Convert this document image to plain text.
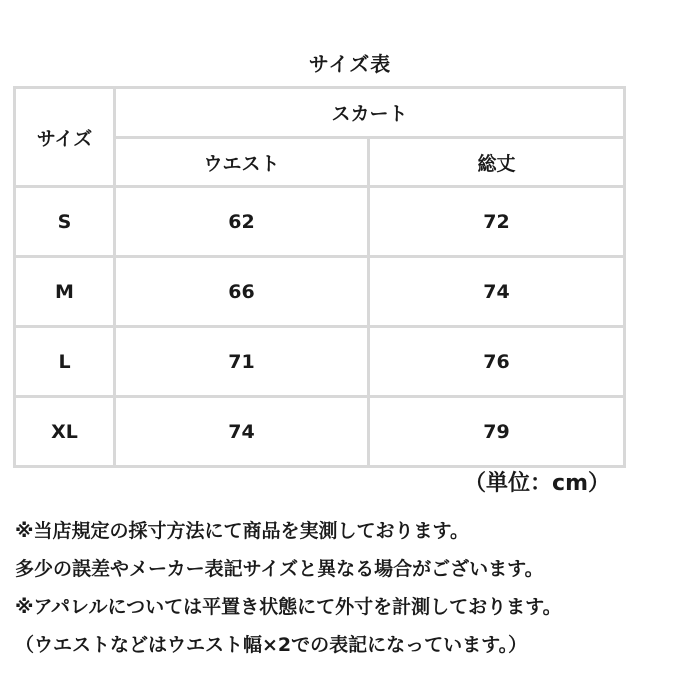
サイズ表
サイズ	スカート	
	ウエスト	総丈
S	62	72
M	66	74
L	71	76
XL	74	79
（単位：cm）
※当店規定の採寸方法にて商品を実測しております。
多少の誤差やメーカー表記サイズと異なる場合がございます。
※アパレルについては平置き状態にて外寸を計測しております。
（ウエストなどはウエスト幅×2での表記になっています。）
